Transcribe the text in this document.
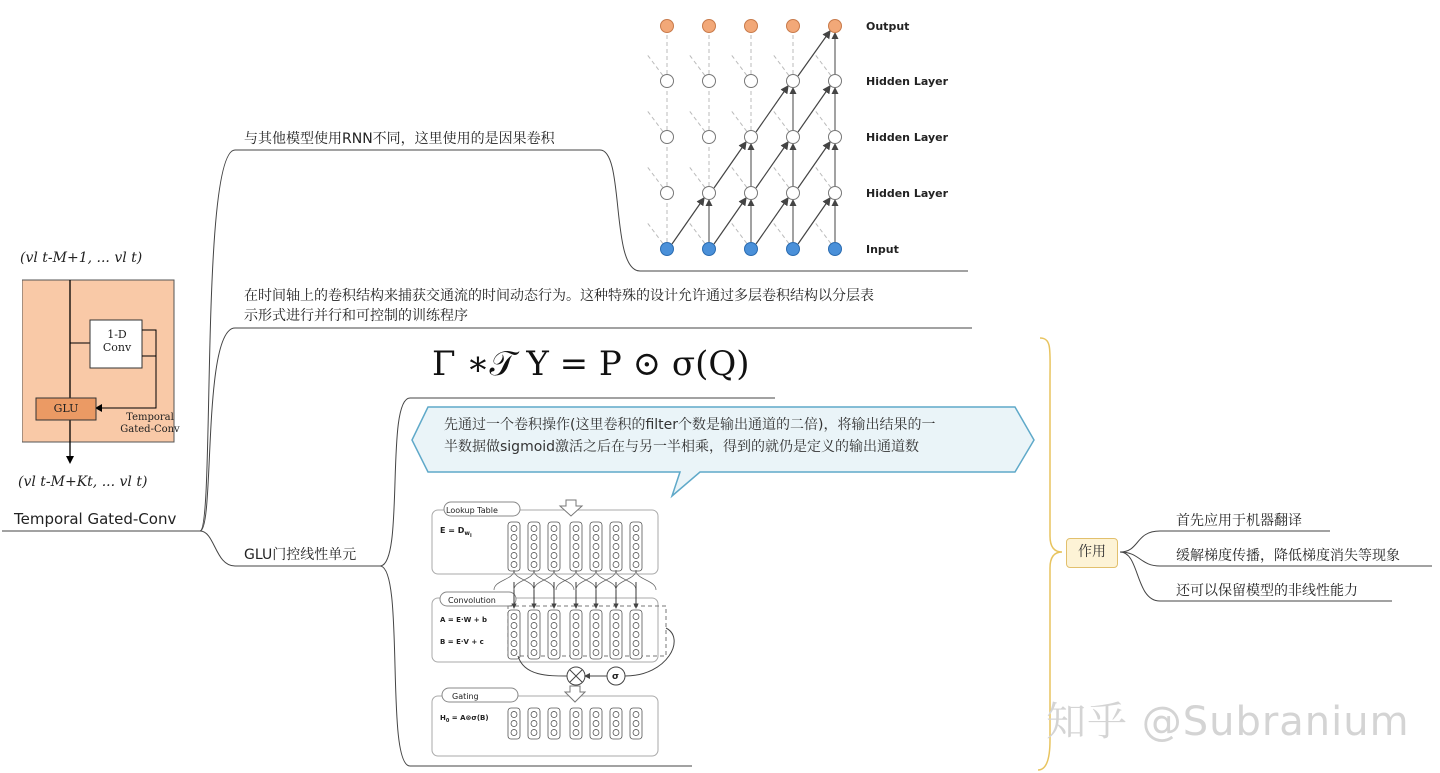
Temporal Gated-Conv
(vl t-M+1, ... vl t)
1-D
Conv
GLU
Temporal
Gated-Conv
(vl t-M+Kt, ... vl t)
与其他模型使用RNN不同，这里使用的是因果卷积
在时间轴上的卷积结构来捕获交通流的时间动态行为。这种特殊的设计允许通过多层卷积结构以分层表
示形式进行并行和可控制的训练程序
GLU门控线性单元
Output
Hidden Layer
Hidden Layer
Hidden Layer
Input
Γ ∗𝒯 Y = P ⊙ σ(Q)
先通过一个卷积操作(这里卷积的filter个数是输出通道的二倍)，将输出结果的一
半数据做sigmoid激活之后在与另一半相乘，得到的就仍是定义的输出通道数
Lookup Table
$E = D_{wi}$
Convolution
A = E·W + b
B = E·V + c
σ
Gating
$H_0$ = A⊗σ(B)
作用
首先应用于机器翻译
缓解梯度传播，降低梯度消失等现象
还可以保留模型的非线性能力
知乎 @Subranium
